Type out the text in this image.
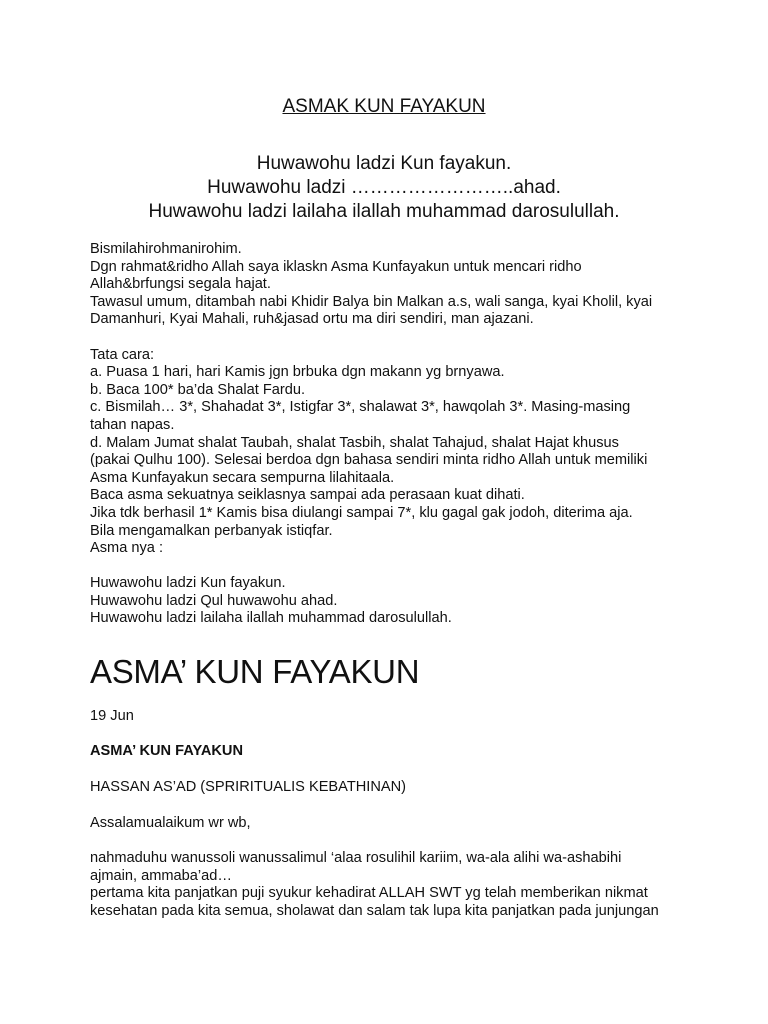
ASMAK KUN FAYAKUN
Huwawohu ladzi Kun fayakun.
Huwawohu ladzi ……………………..ahad.
Huwawohu ladzi lailaha ilallah muhammad darosulullah.
Bismilahirohmanirohim.
Dgn rahmat&ridho Allah saya iklaskn Asma Kunfayakun untuk mencari ridho
Allah&brfungsi segala hajat.
Tawasul umum, ditambah nabi Khidir Balya bin Malkan a.s, wali sanga, kyai Kholil, kyai
Damanhuri, Kyai Mahali, ruh&jasad ortu ma diri sendiri, man ajazani.
Tata cara:
a. Puasa 1 hari, hari Kamis jgn brbuka dgn makann yg brnyawa.
b. Baca 100* ba’da Shalat Fardu.
c. Bismilah… 3*, Shahadat 3*, Istigfar 3*, shalawat 3*, hawqolah 3*. Masing-masing
tahan napas.
d. Malam Jumat shalat Taubah, shalat Tasbih, shalat Tahajud, shalat Hajat khusus
(pakai Qulhu 100). Selesai berdoa dgn bahasa sendiri minta ridho Allah untuk memiliki
Asma Kunfayakun secara sempurna lilahitaala.
Baca asma sekuatnya seiklasnya sampai ada perasaan kuat dihati.
Jika tdk berhasil 1* Kamis bisa diulangi sampai 7*, klu gagal gak jodoh, diterima aja.
Bila mengamalkan perbanyak istiqfar.
Asma nya :
Huwawohu ladzi Kun fayakun.
Huwawohu ladzi Qul huwawohu ahad.
Huwawohu ladzi lailaha ilallah muhammad darosulullah.
ASMA’ KUN FAYAKUN
19 Jun
ASMA’ KUN FAYAKUN
HASSAN AS’AD (SPRIRITUALIS KEBATHINAN)
Assalamualaikum wr wb,
nahmaduhu wanussoli wanussalimul ‘alaa rosulihil kariim, wa-ala alihi wa-ashabihi
ajmain, ammaba’ad…
pertama kita panjatkan puji syukur kehadirat ALLAH SWT yg telah memberikan nikmat
kesehatan pada kita semua, sholawat dan salam tak lupa kita panjatkan pada junjungan
